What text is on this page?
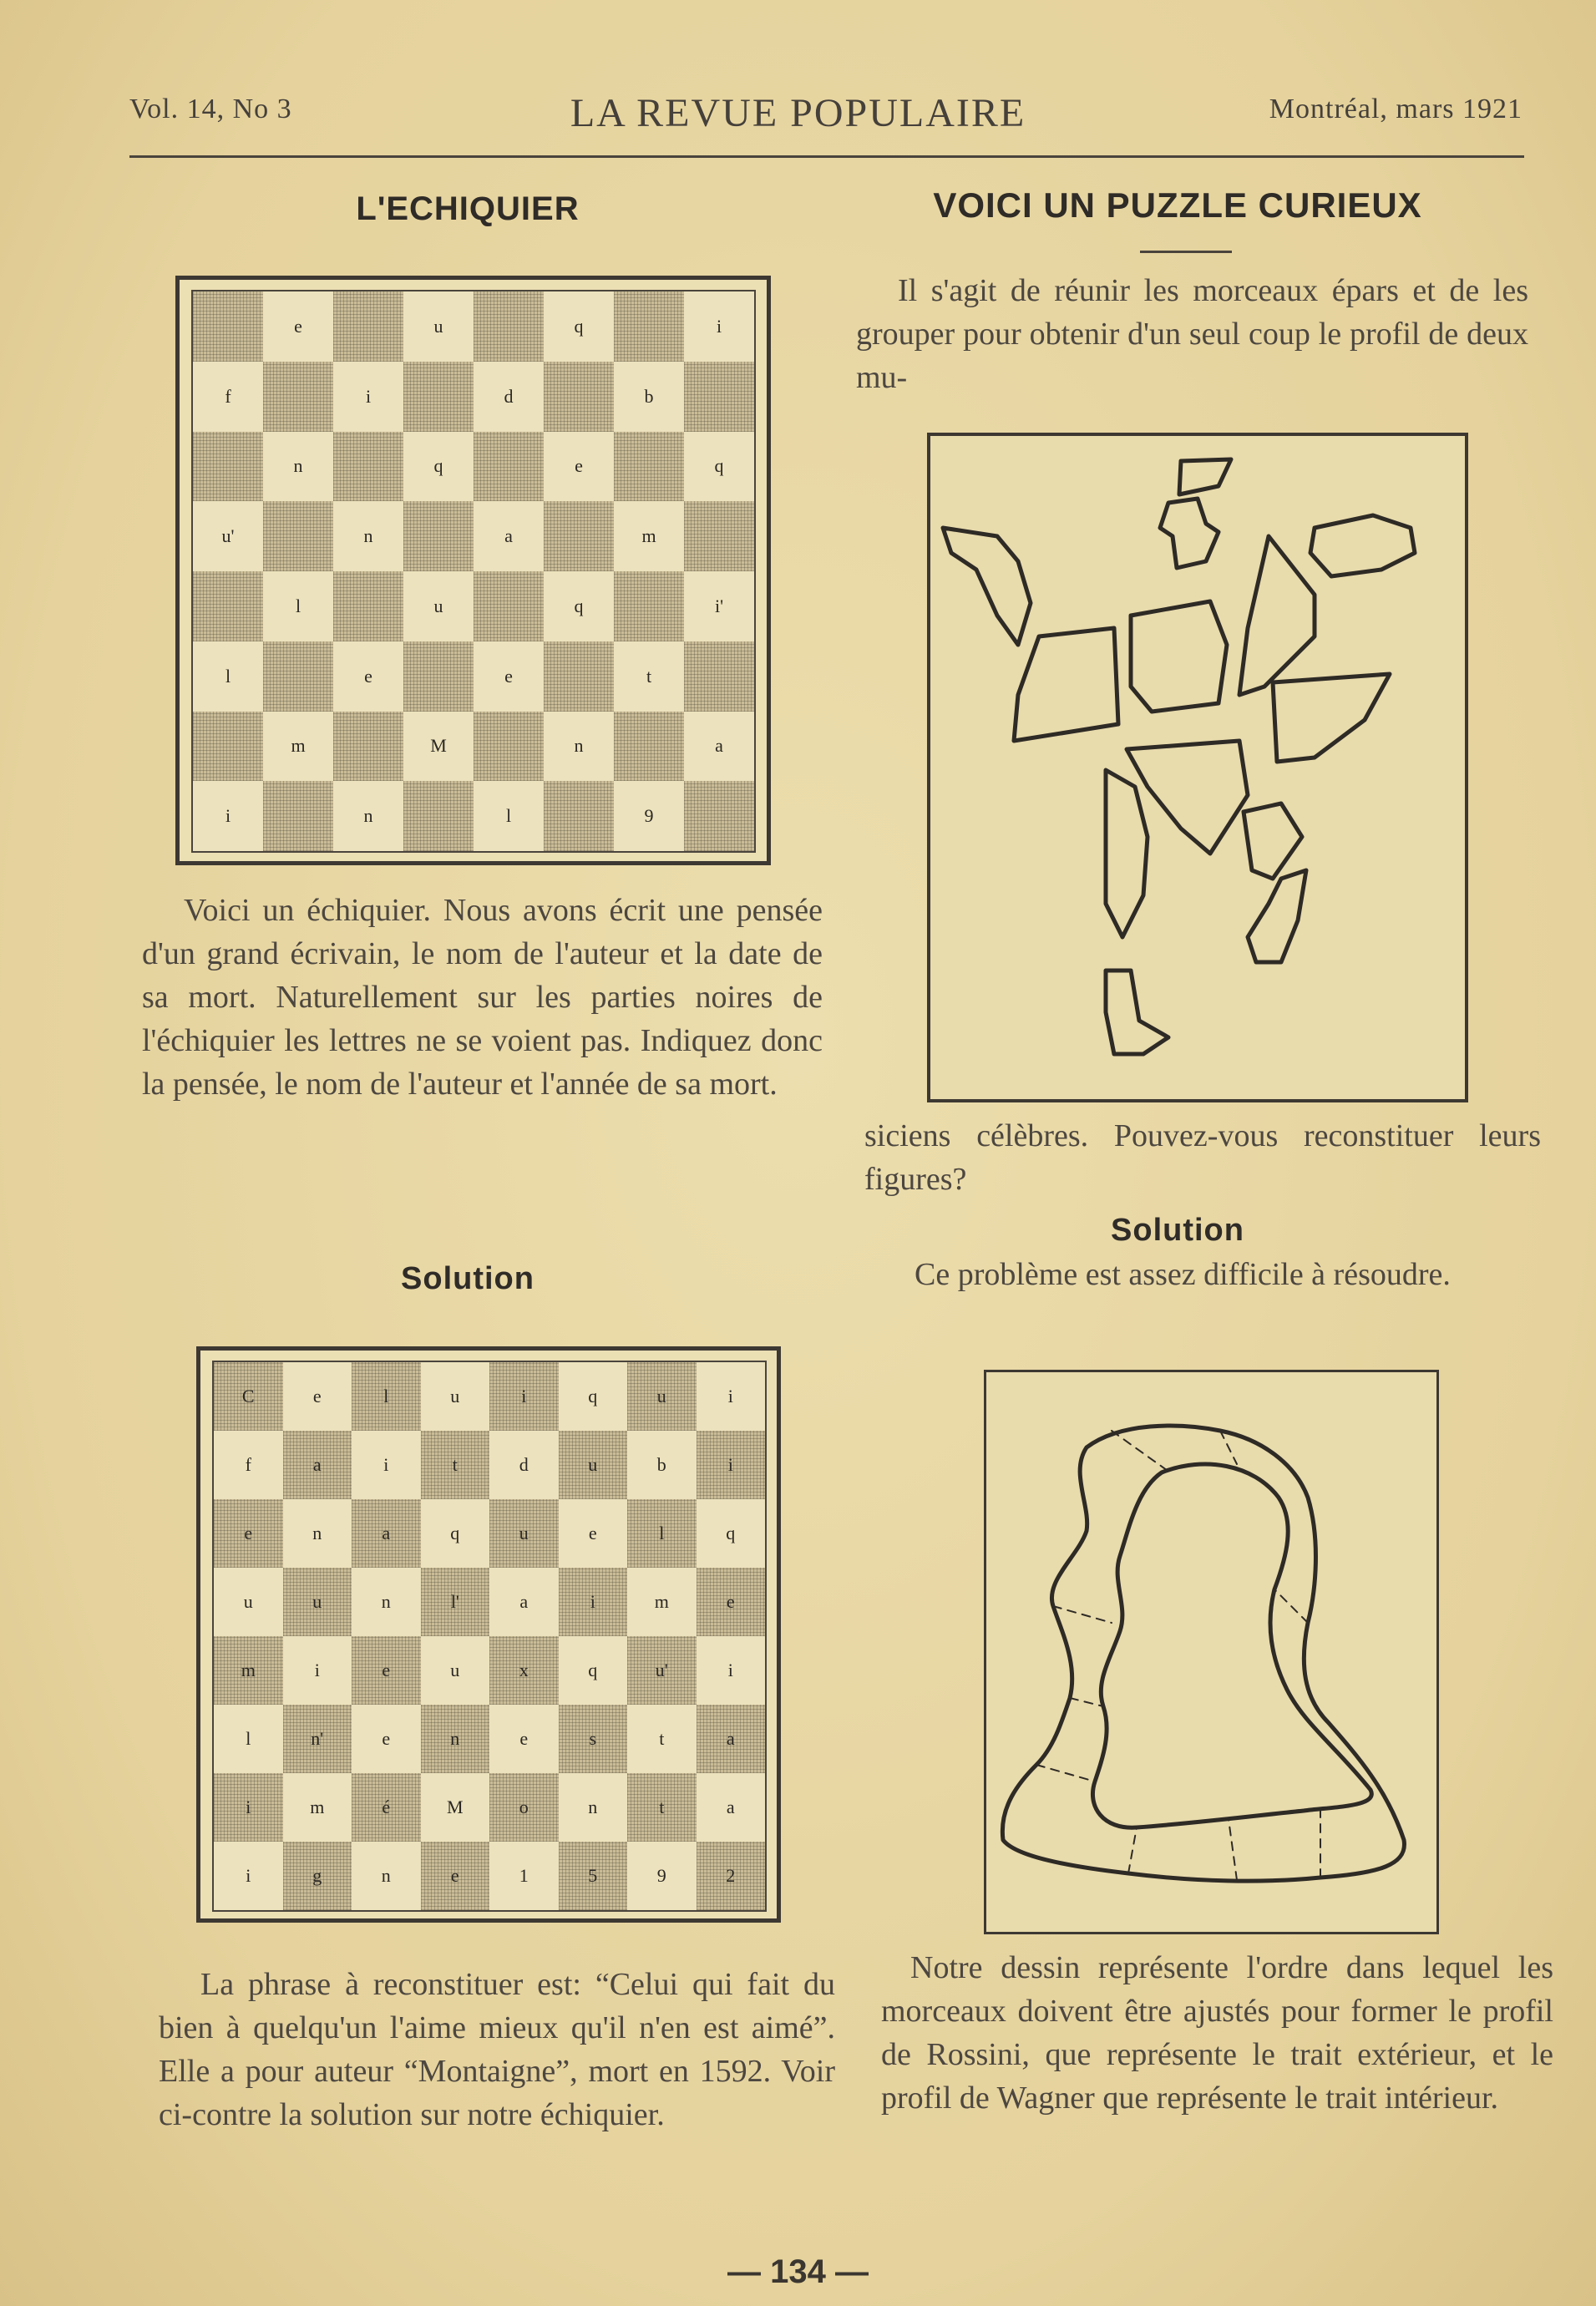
Vol. 14, No 3	LA REVUE POPULAIRE	Montréal, mars 1921
L'ECHIQUIER
e	u	q	i
f	i	d	b
n	q	e	q
u'	n	a	m
l	u	q	i'
l	e	e	t
m	M	n	a
i	n	l	9

Voici un échiquier. Nous avons écrit une pensée d'un grand écrivain, le nom de l'auteur et la date de sa mort. Naturellement sur les parties noires de l'échiquier les lettres ne se voient pas. Indiquez donc la pensée, le nom de l'auteur et l'année de sa mort.

Solution
C	e	l	u	i	q	u	i
f	a	i	t	d	u	b	i
e	n	a	q	u	e	l	q
u	u	n	l'	a	i	m	e
m	i	e	u	x	q	u'	i
l	n'	e	n	e	s	t	a
i	m	é	M	o	n	t	a
i	g	n	e	1	5	9	2

La phrase à reconstituer est: “Celui qui fait du bien à quelqu'un l'aime mieux qu'il n'en est aimé”. Elle a pour auteur “Montaigne”, mort en 1592. Voir ci-contre la solution sur notre échiquier.

VOICI UN PUZZLE CURIEUX

Il s'agit de réunir les morceaux épars et de les grouper pour obtenir d'un seul coup le profil de deux mu-

siciens célèbres. Pouvez-vous reconstituer leurs figures?

Solution

Ce problème est assez difficile à résoudre.

Notre dessin représente l'ordre dans lequel les morceaux doivent être ajustés pour former le profil de Rossini, que représente le trait extérieur, et le profil de Wagner que représente le trait intérieur.

— 134 —
